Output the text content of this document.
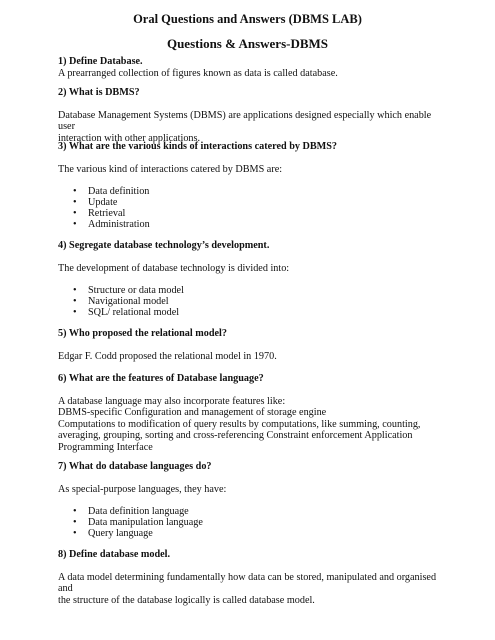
Oral Questions and Answers (DBMS LAB)
Questions & Answers-DBMS
1) Define Database.

A prearranged collection of figures known as data is called database.

2) What is DBMS?

Database Management Systems (DBMS) are applications designed especially which enable user

interaction with other applications.

3) What are the various kinds of interactions catered by DBMS?

The various kind of interactions catered by DBMS are:

• Data definition
• Update
• Retrieval
• Administration
4) Segregate database technology’s development.

The development of database technology is divided into:

• Structure or data model
• Navigational model
• SQL/ relational model
5) Who proposed the relational model?

Edgar F. Codd proposed the relational model in 1970.

6) What are the features of Database language?

A database language may also incorporate features like:

DBMS-specific Configuration and management of storage engine

Computations to modification of query results by computations, like summing, counting,

averaging, grouping, sorting and cross-referencing Constraint enforcement Application

Programming Interface

7) What do database languages do?

As special-purpose languages, they have:

• Data definition language
• Data manipulation language
• Query language
8) Define database model.

A data model determining fundamentally how data can be stored, manipulated and organised and

the structure of the database logically is called database model.
